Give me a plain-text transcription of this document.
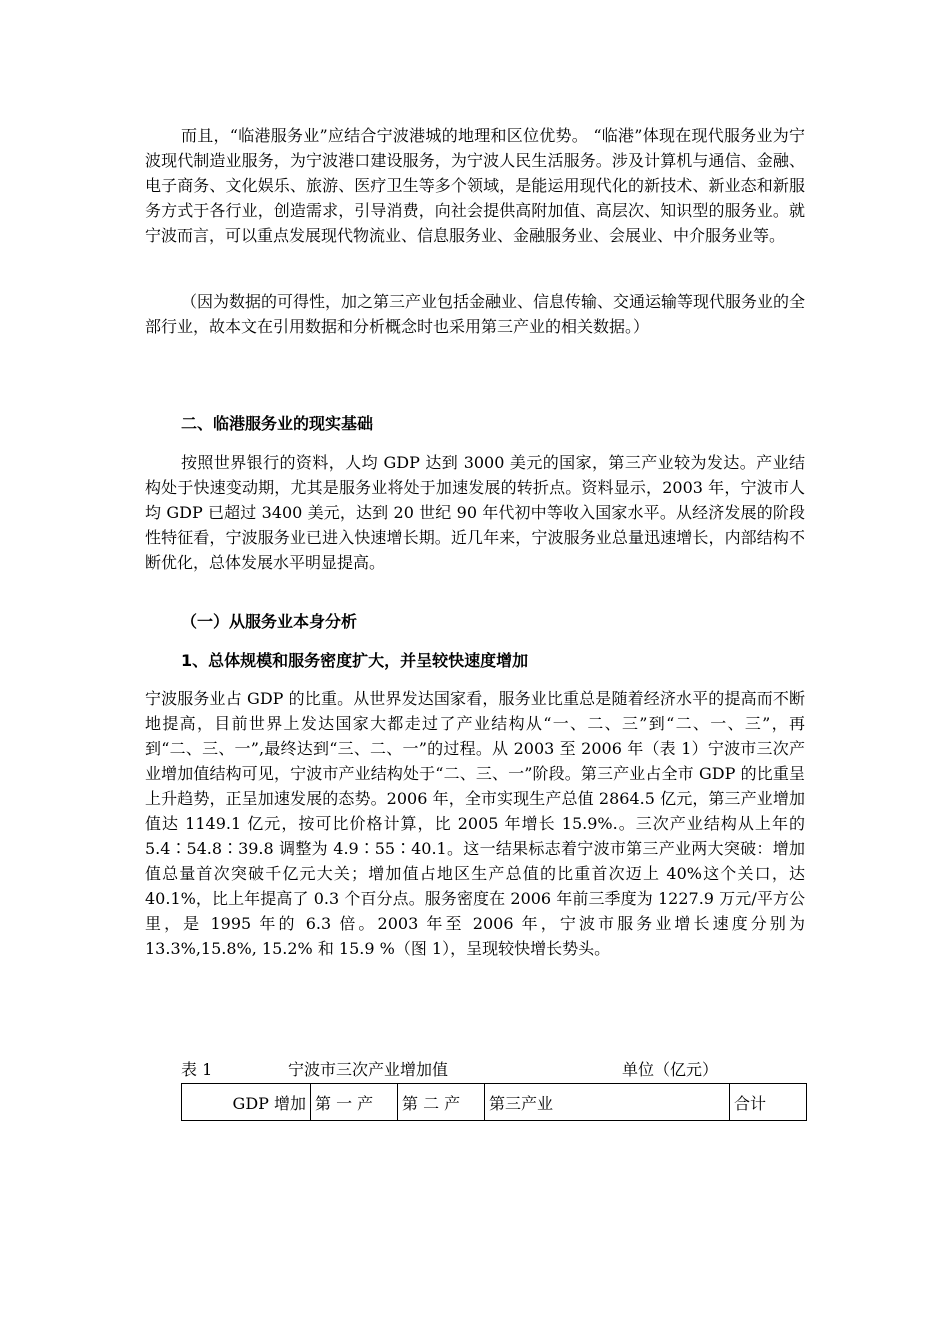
而且，“临港服务业”应结合宁波港城的地理和区位优势。 “临港”体现在现代服务业为宁波现代制造业服务，为宁波港口建设服务，为宁波人民生活服务。涉及计算机与通信、金融、电子商务、文化娱乐、旅游、医疗卫生等多个领域，是能运用现代化的新技术、新业态和新服务方式于各行业，创造需求，引导消费，向社会提供高附加值、高层次、知识型的服务业。就宁波而言，可以重点发展现代物流业、信息服务业、金融服务业、会展业、中介服务业等。

（因为数据的可得性，加之第三产业包括金融业、信息传输、交通运输等现代服务业的全部行业，故本文在引用数据和分析概念时也采用第三产业的相关数据。）

二、临港服务业的现实基础

按照世界银行的资料，人均 GDP 达到 3000 美元的国家，第三产业较为发达。产业结构处于快速变动期，尤其是服务业将处于加速发展的转折点。资料显示，2003 年，宁波市人均 GDP 已超过 3400 美元，达到 20 世纪 90 年代初中等收入国家水平。从经济发展的阶段性特征看，宁波服务业已进入快速增长期。近几年来，宁波服务业总量迅速增长，内部结构不断优化，总体发展水平明显提高。

（一）从服务业本身分析

1、总体规模和服务密度扩大，并呈较快速度增加

宁波服务业占 GDP 的比重。从世界发达国家看，服务业比重总是随着经济水平的提高而不断地提高，目前世界上发达国家大都走过了产业结构从“一、二、三”到“二、一、三”，再到“二、三、一”,最终达到“三、二、一”的过程。从 2003 至 2006 年（表 1）宁波市三次产业增加值结构可见，宁波市产业结构处于“二、三、一”阶段。第三产业占全市 GDP 的比重呈上升趋势，正呈加速发展的态势。2006 年，全市实现生产总值 2864.5 亿元，第三产业增加值达 1149.1 亿元，按可比价格计算，比 2005 年增长 15.9%.。三次产业结构从上年的 5.4∶54.8∶39.8 调整为 4.9∶55∶40.1。这一结果标志着宁波市第三产业两大突破：增加值总量首次突破千亿元大关；增加值占地区生产总值的比重首次迈上 40%这个关口，达 40.1%，比上年提高了 0.3 个百分点。服务密度在 2006 年前三季度为 1227.9 万元/平方公里，是 1995 年的 6.3 倍。2003 年至 2006 年，宁波市服务业增长速度分别为 13.3%,15.8%, 15.2% 和 15.9 %（图 1），呈现较快增长势头。

表 1	宁波市三次产业增加值	单位（亿元）
GDP 增加	第 一 产	第 二 产	第三产业	合计
